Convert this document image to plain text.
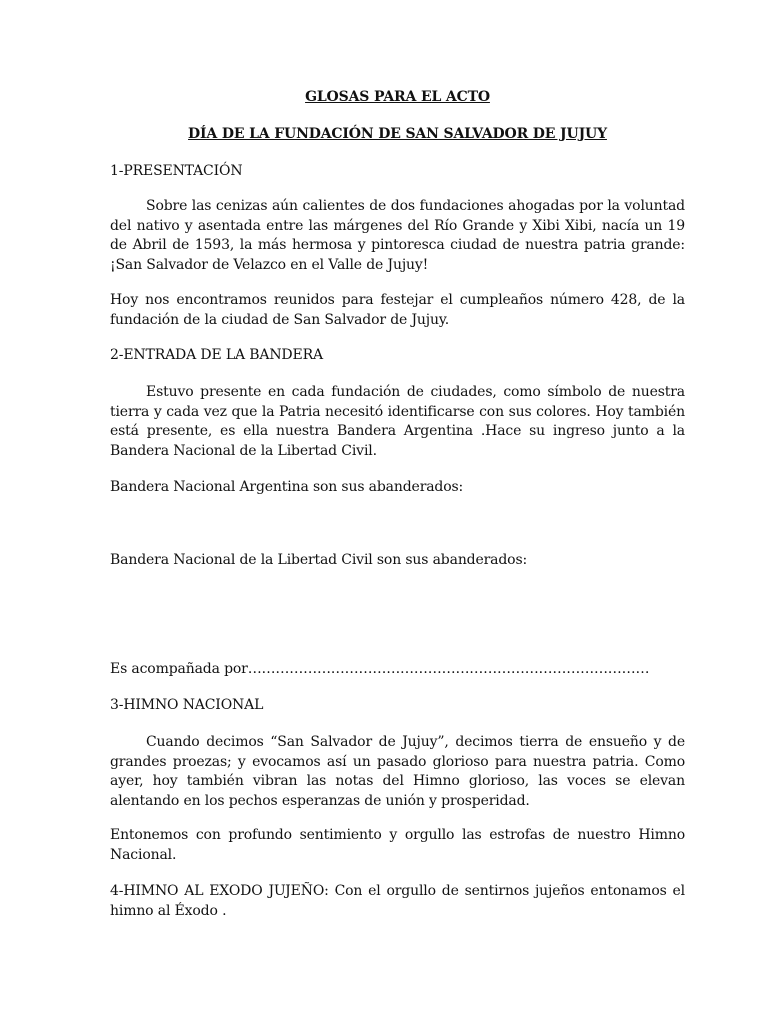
GLOSAS PARA EL ACTO
DÍA DE LA FUNDACIÓN DE SAN SALVADOR DE JUJUY
1-PRESENTACIÓN
Sobre las cenizas aún calientes de dos fundaciones ahogadas por la voluntad del nativo y asentada entre las márgenes del Río Grande y Xibi Xibi, nacía un 19 de Abril de 1593, la más hermosa y pintoresca ciudad de nuestra patria grande: ¡San Salvador de Velazco en el Valle de Jujuy!
Hoy nos encontramos reunidos para festejar el cumpleaños número 428, de la fundación de la ciudad de San Salvador de Jujuy.
2-ENTRADA DE LA BANDERA
Estuvo presente en cada fundación de ciudades, como símbolo de nuestra tierra y cada vez que la Patria necesitó identificarse con sus colores. Hoy también está presente, es ella nuestra Bandera Argentina .Hace su ingreso junto a la Bandera Nacional de la Libertad Civil.
Bandera Nacional Argentina son sus abanderados:
Bandera Nacional de la Libertad Civil son sus abanderados:
Es acompañada por……………………………………………………………………………
3-HIMNO NACIONAL
Cuando decimos “San Salvador de Jujuy”, decimos tierra de ensueño y de grandes proezas; y evocamos así un pasado glorioso para nuestra patria. Como ayer, hoy también vibran las notas del Himno glorioso, las voces se elevan alentando en los pechos esperanzas de unión y prosperidad.
Entonemos con profundo sentimiento y orgullo las estrofas de nuestro Himno Nacional.
4-HIMNO AL EXODO JUJEÑO: Con el orgullo de sentirnos jujeños entonamos el himno al Éxodo .
